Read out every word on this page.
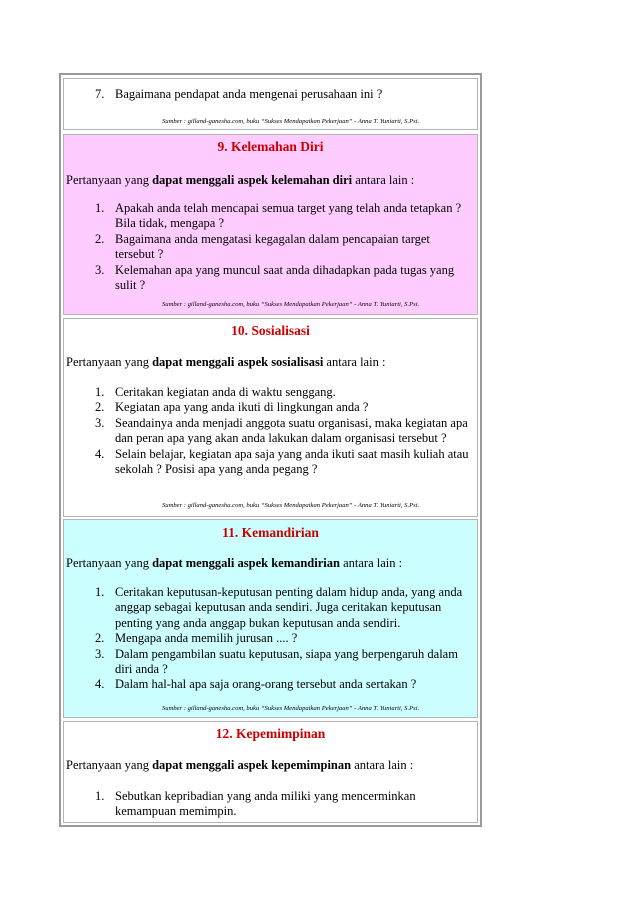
7. Bagaimana pendapat anda mengenai perusahaan ini ?
Sumber : gilland-ganesha.com, buku “Sukses Mendapatkan Pekerjaan” - Anna T. Yuniarti, S.Psi.
9. Kelemahan Diri
Pertanyaan yang dapat menggali aspek kelemahan diri antara lain :
1. Apakah anda telah mencapai semua target yang telah anda tetapkan ? Bila tidak, mengapa ?
2. Bagaimana anda mengatasi kegagalan dalam pencapaian target tersebut ?
3. Kelemahan apa yang muncul saat anda dihadapkan pada tugas yang sulit ?
Sumber : gilland-ganesha.com, buku “Sukses Mendapatkan Pekerjaan” - Anna T. Yuniarti, S.Psi.
10. Sosialisasi
Pertanyaan yang dapat menggali aspek sosialisasi antara lain :
1. Ceritakan kegiatan anda di waktu senggang.
2. Kegiatan apa yang anda ikuti di lingkungan anda ?
3. Seandainya anda menjadi anggota suatu organisasi, maka kegiatan apa dan peran apa yang akan anda lakukan dalam organisasi tersebut ?
4. Selain belajar, kegiatan apa saja yang anda ikuti saat masih kuliah atau sekolah ? Posisi apa yang anda pegang ?
Sumber : gilland-ganesha.com, buku “Sukses Mendapatkan Pekerjaan” - Anna T. Yuniarti, S.Psi.
11. Kemandirian
Pertanyaan yang dapat menggali aspek kemandirian antara lain :
1. Ceritakan keputusan-keputusan penting dalam hidup anda, yang anda anggap sebagai keputusan anda sendiri. Juga ceritakan keputusan penting yang anda anggap bukan keputusan anda sendiri.
2. Mengapa anda memilih jurusan .... ?
3. Dalam pengambilan suatu keputusan, siapa yang berpengaruh dalam diri anda ?
4. Dalam hal-hal apa saja orang-orang tersebut anda sertakan ?
Sumber : gilland-ganesha.com, buku “Sukses Mendapatkan Pekerjaan” - Anna T. Yuniarti, S.Psi.
12. Kepemimpinan
Pertanyaan yang dapat menggali aspek kepemimpinan antara lain :
1. Sebutkan kepribadian yang anda miliki yang mencerminkan kemampuan memimpin.
